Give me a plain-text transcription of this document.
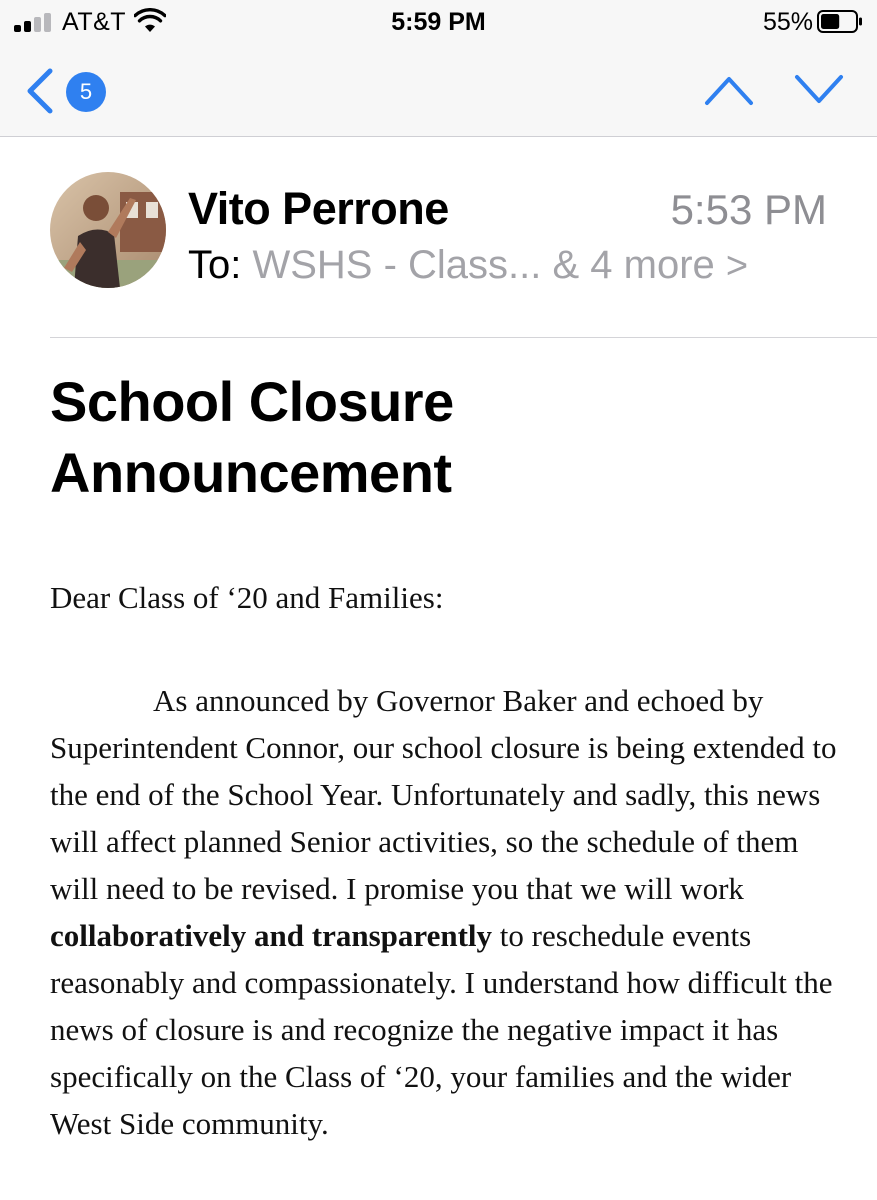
AT&T	5:59 PM	55%
5
Vito Perrone	5:53 PM
To: WSHS - Class... & 4 more >
School Closure
Announcement
Dear Class of ‘20 and Families:
As announced by Governor Baker and echoed by Superintendent Connor, our school closure is being extended to the end of the School Year. Unfortunately and sadly, this news will affect planned Senior activities, so the schedule of them will need to be revised. I promise you that we will work collaboratively and transparently to reschedule events reasonably and compassionately. I understand how difficult the news of closure is and recognize the negative impact it has specifically on the Class of ‘20, your families and the wider West Side community.
